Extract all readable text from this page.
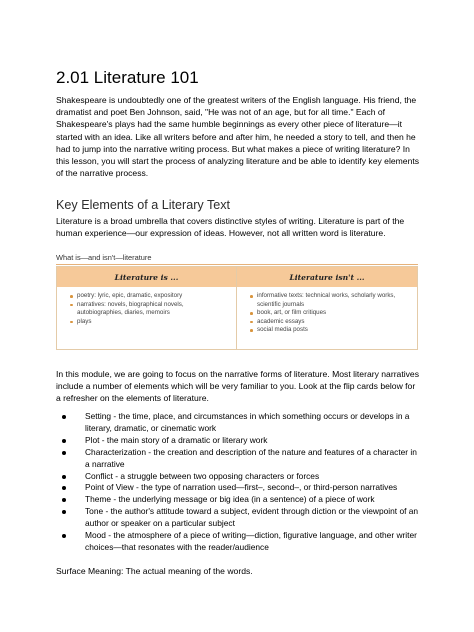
2.01 Literature 101

Shakespeare is undoubtedly one of the greatest writers of the English language. His friend, the dramatist and poet Ben Johnson, said, "He was not of an age, but for all time." Each of Shakespeare's plays had the same humble beginnings as every other piece of literature—it started with an idea. Like all writers before and after him, he needed a story to tell, and then he had to jump into the narrative writing process. But what makes a piece of writing literature? In this lesson, you will start the process of analyzing literature and be able to identify key elements of the narrative process.

Key Elements of a Literary Text

Literature is a broad umbrella that covers distinctive styles of writing. Literature is part of the human experience—our expression of ideas. However, not all written word is literature.

What is—and isn't—literature
Literature is ...	Literature isn't ...
poetry: lyric, epic, dramatic, expository
narratives: novels, biographical novels, autobiographies, diaries, memoirs
plays
informative texts: technical works, scholarly works, scientific journals
book, art, or film critiques
academic essays
social media posts

In this module, we are going to focus on the narrative forms of literature. Most literary narratives include a number of elements which will be very familiar to you. Look at the flip cards below for a refresher on the elements of literature.

Setting - the time, place, and circumstances in which something occurs or develops in a literary, dramatic, or cinematic work
Plot - the main story of a dramatic or literary work
Characterization - the creation and description of the nature and features of a character in a narrative
Conflict - a struggle between two opposing characters or forces
Point of View - the type of narration used—first–, second–, or third-person narratives
Theme - the underlying message or big idea (in a sentence) of a piece of work
Tone - the author's attitude toward a subject, evident through diction or the viewpoint of an author or speaker on a particular subject
Mood - the atmosphere of a piece of writing—diction, figurative language, and other writer choices—that resonates with the reader/audience

Surface Meaning: The actual meaning of the words.
